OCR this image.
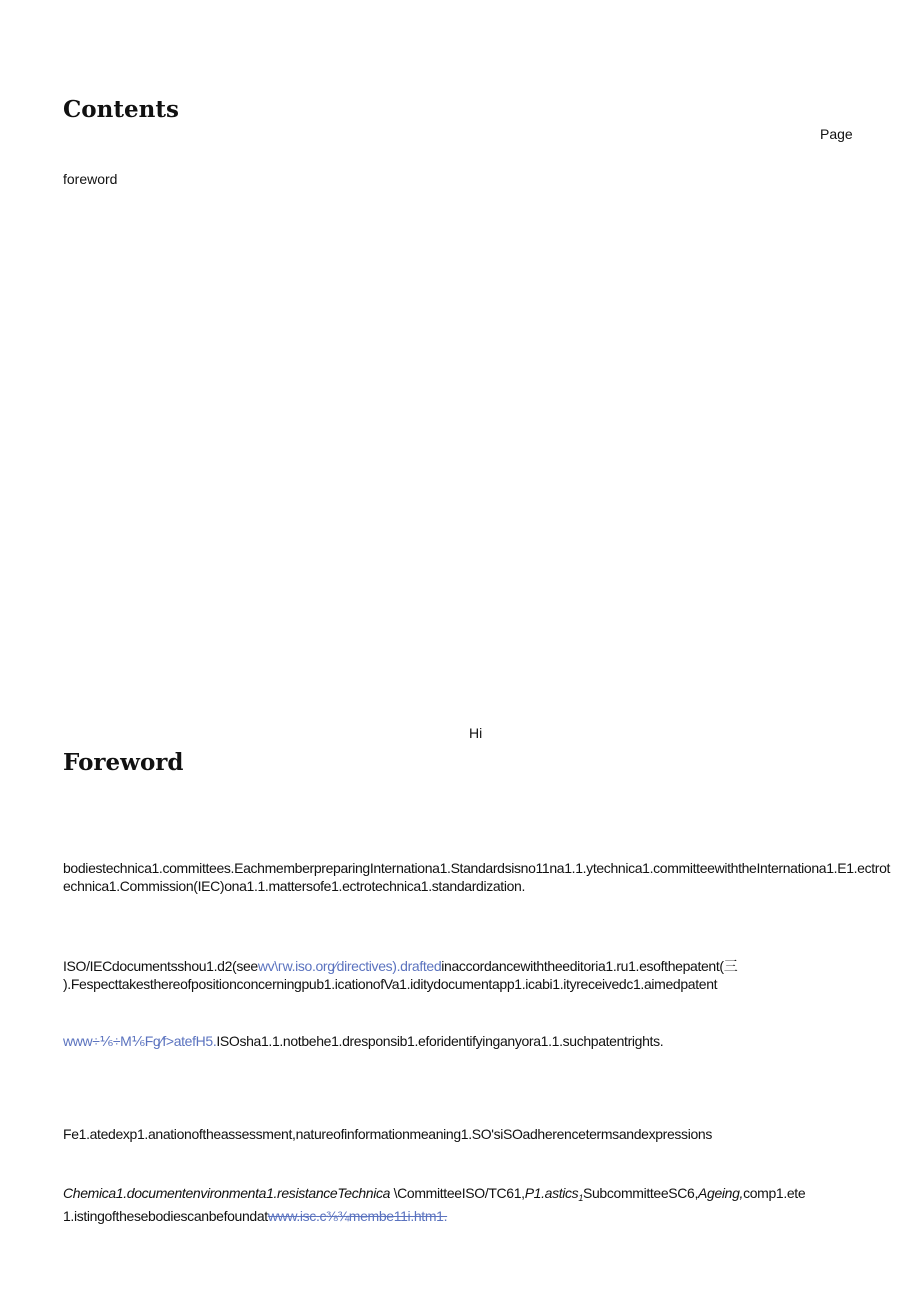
Contents
Page
foreword
Hi
Foreword
bodiestechnica1.committees.EachmemberpreparingInternationa1.Standardsisno11na1.1.ytechnica1.committeewiththeInternationa1.E1.ectrotechnica1.Commission(IEC)ona1.1.mattersofe1.ectrotechnica1.standardization.
ISO/IECdocumentsshou1.d2(seewv\ᴦw.iso.org∕directives).draftedinaccordancewiththeeditoria1.ru1.esofthepatent(三
).Fespecttakesthereofpositionconcerningpub1.icationofVa1.iditydocumentapp1.icabi1.ityreceivedc1.aimedpatent
www÷⅙÷M⅙Fg∕f>atefH5.ISOsha1.1.notbehe1.dresponsib1.eforidentifyinganyora1.1.suchpatentrights.
Fe1.atedexp1.anationoftheassessment,natureofinformationmeaning1.SO'siSOadherencetermsandexpressions
Chemica1.documentenvironmenta1.resistanceTechnica \CommitteeISO/TC61,P1.astics$_1$SubcommitteeSC6,Ageing,comp1.ete
1.istingofthesebodiescanbefoundatwww.isc.c⅜¾membe11i.htm1.
